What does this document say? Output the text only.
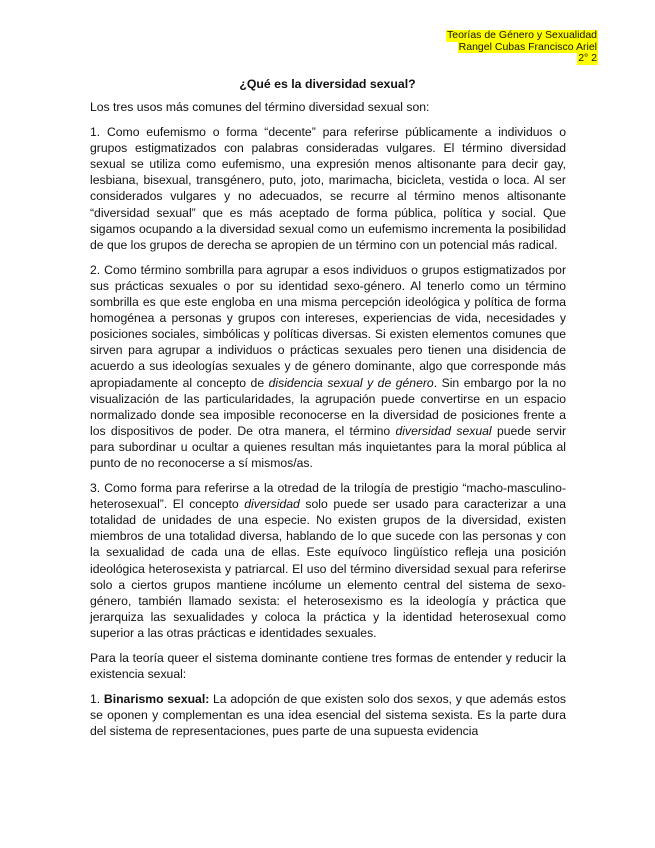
Teorías de Género y Sexualidad
Rangel Cubas Francisco Ariel
2° 2
¿Qué es la diversidad sexual?

Los tres usos más comunes del término diversidad sexual son:

1. Como eufemismo o forma “decente” para referirse públicamente a individuos o grupos estigmatizados con palabras consideradas vulgares. El término diversidad sexual se utiliza como eufemismo, una expresión menos altisonante para decir gay, lesbiana, bisexual, transgénero, puto, joto, marimacha, bicicleta, vestida o loca. Al ser considerados vulgares y no adecuados, se recurre al término menos altisonante “diversidad sexual” que es más aceptado de forma pública, política y social. Que sigamos ocupando a la diversidad sexual como un eufemismo incrementa la posibilidad de que los grupos de derecha se apropien de un término con un potencial más radical.

2. Como término sombrilla para agrupar a esos individuos o grupos estigmatizados por sus prácticas sexuales o por su identidad sexo-género. Al tenerlo como un término sombrilla es que este engloba en una misma percepción ideológica y política de forma homogénea a personas y grupos con intereses, experiencias de vida, necesidades y posiciones sociales, simbólicas y políticas diversas. Si existen elementos comunes que sirven para agrupar a individuos o prácticas sexuales pero tienen una disidencia de acuerdo a sus ideologías sexuales y de género dominante, algo que corresponde más apropiadamente al concepto de disidencia sexual y de género. Sin embargo por la no visualización de las particularidades, la agrupación puede convertirse en un espacio normalizado donde sea imposible reconocerse en la diversidad de posiciones frente a los dispositivos de poder. De otra manera, el término diversidad sexual puede servir para subordinar u ocultar a quienes resultan más inquietantes para la moral pública al punto de no reconocerse a sí mismos/as.

3. Como forma para referirse a la otredad de la trilogía de prestigio “macho-masculino-heterosexual”. El concepto diversidad solo puede ser usado para caracterizar a una totalidad de unidades de una especie. No existen grupos de la diversidad, existen miembros de una totalidad diversa, hablando de lo que sucede con las personas y con la sexualidad de cada una de ellas. Este equívoco lingüístico refleja una posición ideológica heterosexista y patriarcal. El uso del término diversidad sexual para referirse solo a ciertos grupos mantiene incólume un elemento central del sistema de sexo-género, también llamado sexista: el heterosexismo es la ideología y práctica que jerarquiza las sexualidades y coloca la práctica y la identidad heterosexual como superior a las otras prácticas e identidades sexuales.

Para la teoría queer el sistema dominante contiene tres formas de entender y reducir la existencia sexual:

1. Binarismo sexual: La adopción de que existen solo dos sexos, y que además estos se oponen y complementan es una idea esencial del sistema sexista. Es la parte dura del sistema de representaciones, pues parte de una supuesta evidencia
